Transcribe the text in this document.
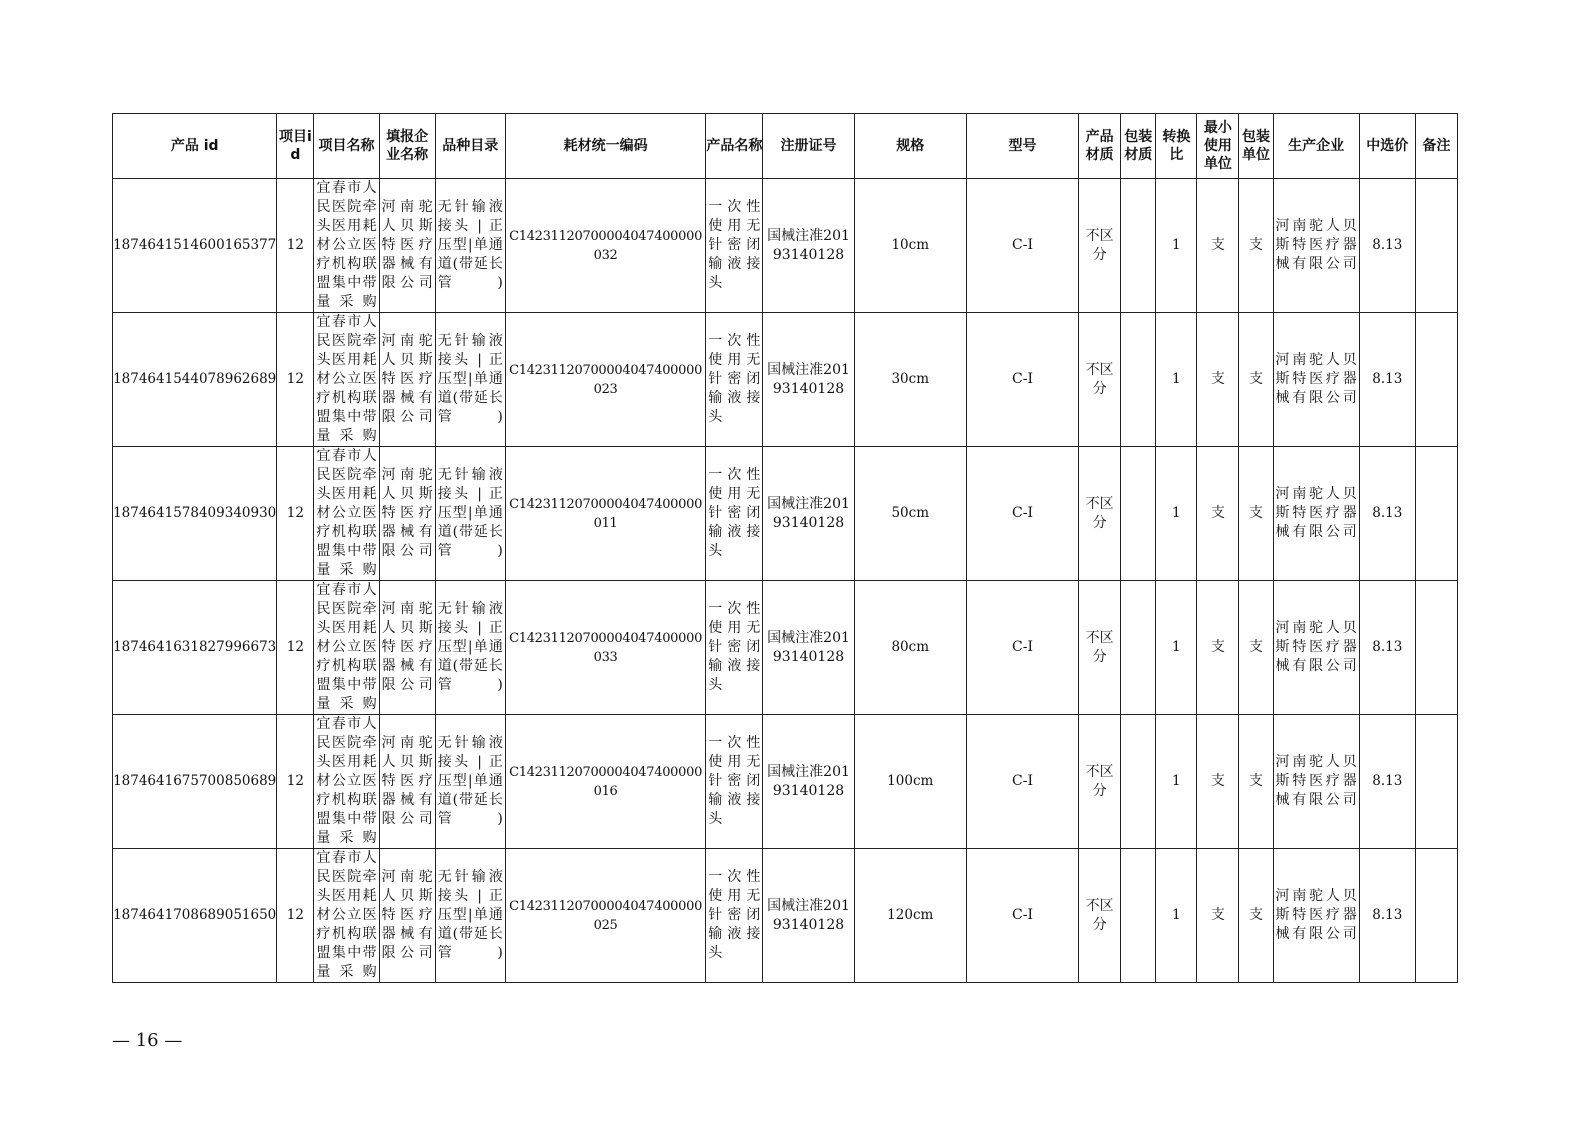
产品 id	项目id	项目名称	填报企业名称	品种目录	耗材统一编码	产品名称	注册证号	规格	型号	产品材质	包装材质	转换比	最小使用单位	包装单位	生产企业	中选价	备注
1874641514600165377	12	宜春市人民医院牵头医用耗材公立医疗机构联盟集中带量采购	河南驼人贝斯特医疗器械有限公司	无针输液接头 | 正压型|单通道(带延长管)	C14231120700004047400000032	一次性使用无针密闭输液接头	国械注准20193140128	10cm	C-I	不区分		1	支	支	河南驼人贝斯特医疗器械有限公司	8.13	
1874641544078962689	12	宜春市人民医院牵头医用耗材公立医疗机构联盟集中带量采购	河南驼人贝斯特医疗器械有限公司	无针输液接头 | 正压型|单通道(带延长管)	C14231120700004047400000023	一次性使用无针密闭输液接头	国械注准20193140128	30cm	C-I	不区分		1	支	支	河南驼人贝斯特医疗器械有限公司	8.13	
1874641578409340930	12	宜春市人民医院牵头医用耗材公立医疗机构联盟集中带量采购	河南驼人贝斯特医疗器械有限公司	无针输液接头 | 正压型|单通道(带延长管)	C14231120700004047400000011	一次性使用无针密闭输液接头	国械注准20193140128	50cm	C-I	不区分		1	支	支	河南驼人贝斯特医疗器械有限公司	8.13	
1874641631827996673	12	宜春市人民医院牵头医用耗材公立医疗机构联盟集中带量采购	河南驼人贝斯特医疗器械有限公司	无针输液接头 | 正压型|单通道(带延长管)	C14231120700004047400000033	一次性使用无针密闭输液接头	国械注准20193140128	80cm	C-I	不区分		1	支	支	河南驼人贝斯特医疗器械有限公司	8.13	
1874641675700850689	12	宜春市人民医院牵头医用耗材公立医疗机构联盟集中带量采购	河南驼人贝斯特医疗器械有限公司	无针输液接头 | 正压型|单通道(带延长管)	C14231120700004047400000016	一次性使用无针密闭输液接头	国械注准20193140128	100cm	C-I	不区分		1	支	支	河南驼人贝斯特医疗器械有限公司	8.13	
1874641708689051650	12	宜春市人民医院牵头医用耗材公立医疗机构联盟集中带量采购	河南驼人贝斯特医疗器械有限公司	无针输液接头 | 正压型|单通道(带延长管)	C14231120700004047400000025	一次性使用无针密闭输液接头	国械注准20193140128	120cm	C-I	不区分		1	支	支	河南驼人贝斯特医疗器械有限公司	8.13	
— 16 —
